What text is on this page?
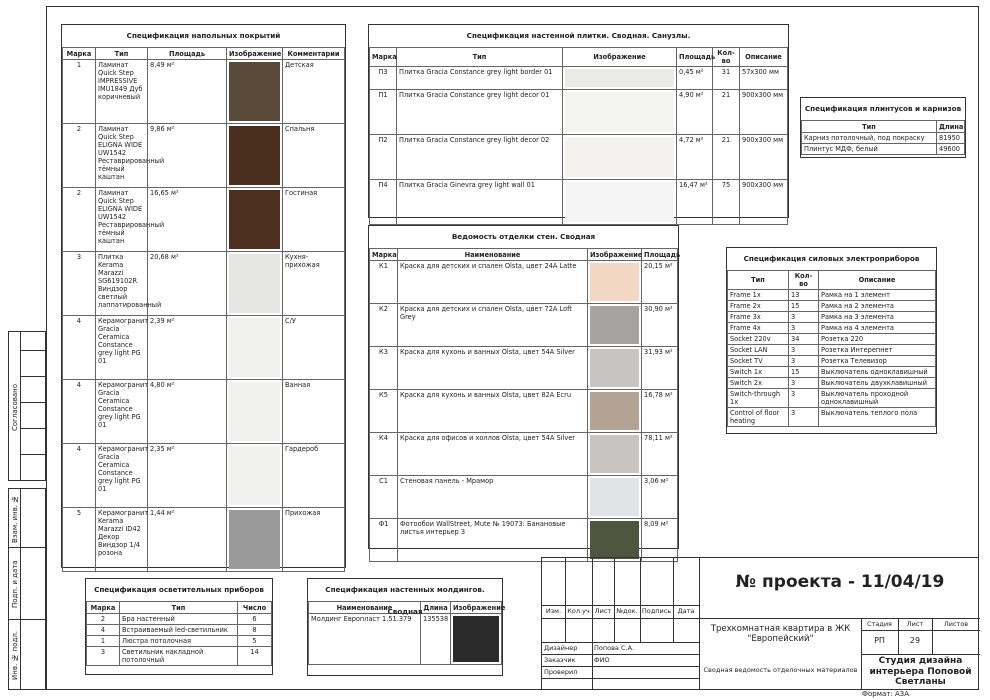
Согласовано
Взам. инв. №
Подп. и дата
Инв. № подл.
Спецификация напольных покрытий
Марка	Тип	Площадь	Изображение	Комментарии
1	Ламинат Quick Step IMPRESSIVE IMU1849 Дуб коричневый	8,49 м²		Детская
2	Ламинат Quick Step ELIGNA WIDE UW1542 Реставрированный тёмный каштан	9,86 м²		Спальня
2	Ламинат Quick Step ELIGNA WIDE UW1542 Реставрированный тёмный каштан	16,65 м²		Гостиная
3	Плитка Kerama Marazzi SG619102R Виндзор светлый лаппатированный	20,68 м²		Кухня-прихожая
4	Керамогранит Gracia Ceramica Constance grey light PG 01	2,39 м²		С/У
4	Керамогранит Gracia Ceramica Constance grey light PG 01	4,80 м²		Ванная
4	Керамогранит Gracia Ceramica Constance grey light PG 01	2,35 м²		Гардероб
5	Керамогранит Kerama Marazzi ID42 Декор Виндзор 1/4 розона	1,44 м²		Прихожая
Спецификация настенной плитки. Сводная. Санузлы.
Марка	Тип	Изображение	Площадь	Кол-во	Описание
П3	Плитка Gracia Constance grey light border 01		0,45 м²	31	57х300 мм
П1	Плитка Gracia Constance grey light decor 01		4,90 м²	21	900х300 мм
П2	Плитка Gracia Constance grey light decor 02		4,72 м²	21	900х300 мм
П4	Плитка Gracia Ginevra grey light wall 01		16,47 м²	75	900х300 мм
Спецификация плинтусов и карнизов
Тип	Длина
Карниз потолочный, под покраску	81950
Плинтус МДФ, белый	49600
Ведомость отделки стен. Сводная
Марка	Наименование	Изображение	Площадь
К1	Краска для детских и спален Olsta, цвет 24A Latte		20,15 м²
К2	Краска для детских и спален Olsta, цвет 72A Loft Grey		30,90 м²
К3	Краска для кухонь и ванных Olsta, цвет 54A Silver		31,93 м²
К5	Краска для кухонь и ванных Olsta, цвет 82A Ecru		16,78 м²
К4	Краска для офисов и холлов Olsta, цвет 54A Silver		78,11 м²
С1	Стеновая панель - Мрамор		3,06 м²
Ф1	Фотообои WallStreet, Mute № 19073: Банановые листья интерьер 3		8,09 м²
Спецификация силовых электроприборов
Тип	Кол-во	Описание
Frame 1x	13	Рамка на 1 элемент
Frame 2x	15	Рамка на 2 элемента
Frame 3x	3	Рамка на 3 элемента
Frame 4x	3	Рамка на 4 элемента
Socket 220v	34	Розетка 220
Socket LAN	3	Розетка Интерепнет
Socket TV	3	Розетка Телевизор
Switch 1x	15	Выключатель одноклавишный
Switch 2x	3	Выключатель двухклавишный
Switch-through 1x	3	Выключатель проходной одноклавишный
Control of floor heating	3	Выключатель теплого пола
Спецификация осветительных приборов
Марка	Тип	Число
2	Бра настенный	6
4	Встраиваемый led-светильник	8
1	Люстра потолочная	5
3	Светильник накладной потолочный	14
Спецификация настенных молдингов. Сводная
Наименование	Длина	Изображение
Молдинг Европласт 1.51.379	135538	
№ проекта - 11/04/19
Изм. Кол.уч Лист №док. Подпись Дата
Дизайнер	Попова С.А.
Заказчик	ФИО
Проверил
Трехкомнатная квартира в ЖК "Европейский"
Сводная ведомость отделочных материалов
Стадия	Лист	Листов
РП	29
Студия дизайна интерьера Поповой Светланы
Формат: А3А
